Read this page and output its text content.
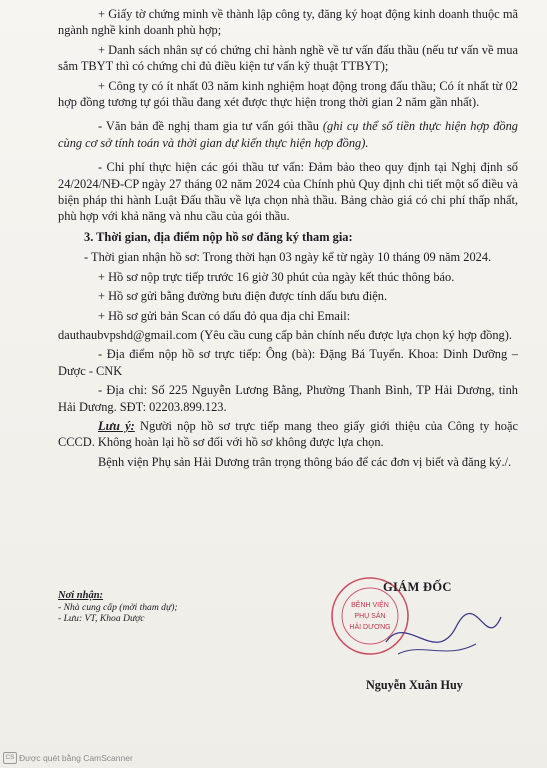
+ Giấy tờ chứng minh về thành lập công ty, đăng ký hoạt động kinh doanh thuộc mã ngành nghề kinh doanh phù hợp;

+ Danh sách nhân sự có chứng chỉ hành nghề về tư vấn đấu thầu (nếu tư vấn về mua sắm TBYT thì có chứng chỉ đủ điều kiện tư vấn kỹ thuật TTBYT);

+ Công ty có ít nhất 03 năm kinh nghiệm hoạt động trong đấu thầu; Có ít nhất từ 02 hợp đồng tương tự gói thầu đang xét được thực hiện trong thời gian 2 năm gần nhất).

- Văn bản đề nghị tham gia tư vấn gói thầu (ghi cụ thể số tiền thực hiện hợp đồng cùng cơ sở tính toán và thời gian dự kiến thực hiện hợp đồng).

- Chi phí thực hiện các gói thầu tư vấn: Đảm bảo theo quy định tại Nghị định số 24/2024/NĐ-CP ngày 27 tháng 02 năm 2024 của Chính phủ Quy định chi tiết một số điều và biện pháp thi hành Luật Đấu thầu về lựa chọn nhà thầu. Bảng chào giá có chi phí thấp nhất, phù hợp với khả năng và nhu cầu của gói thầu.

3. Thời gian, địa điểm nộp hồ sơ đăng ký tham gia:

- Thời gian nhận hồ sơ: Trong thời hạn 03 ngày kể từ ngày 10 tháng 09 năm 2024.

+ Hồ sơ nộp trực tiếp trước 16 giờ 30 phút của ngày kết thúc thông báo.

+ Hồ sơ gửi bằng đường bưu điện được tính dấu bưu điện.

+ Hồ sơ gửi bản Scan có dấu đỏ qua địa chỉ Email:

dauthaubvpshd@gmail.com (Yêu cầu cung cấp bản chính nếu được lựa chọn ký hợp đồng).

- Địa điểm nộp hồ sơ trực tiếp: Ông (bà): Đặng Bá Tuyển. Khoa: Dinh Dưỡng – Dược - CNK

- Địa chỉ: Số 225 Nguyễn Lương Bằng, Phường Thanh Bình, TP Hải Dương, tỉnh Hải Dương. SĐT: 02203.899.123.

Lưu ý: Người nộp hồ sơ trực tiếp mang theo giấy giới thiệu của Công ty hoặc CCCD. Không hoàn lại hồ sơ đối với hồ sơ không được lựa chọn.

Bệnh viện Phụ sản Hải Dương trân trọng thông báo để các đơn vị biết và đăng ký./.

Nơi nhận:
- Nhà cung cấp (mời tham dự);
- Lưu: VT, Khoa Dược
BỆNH VIỆN
PHỤ SẢN
HẢI DƯƠNG
GIÁM ĐỐC
Nguyễn Xuân Huy
CS Được quét bằng CamScanner
